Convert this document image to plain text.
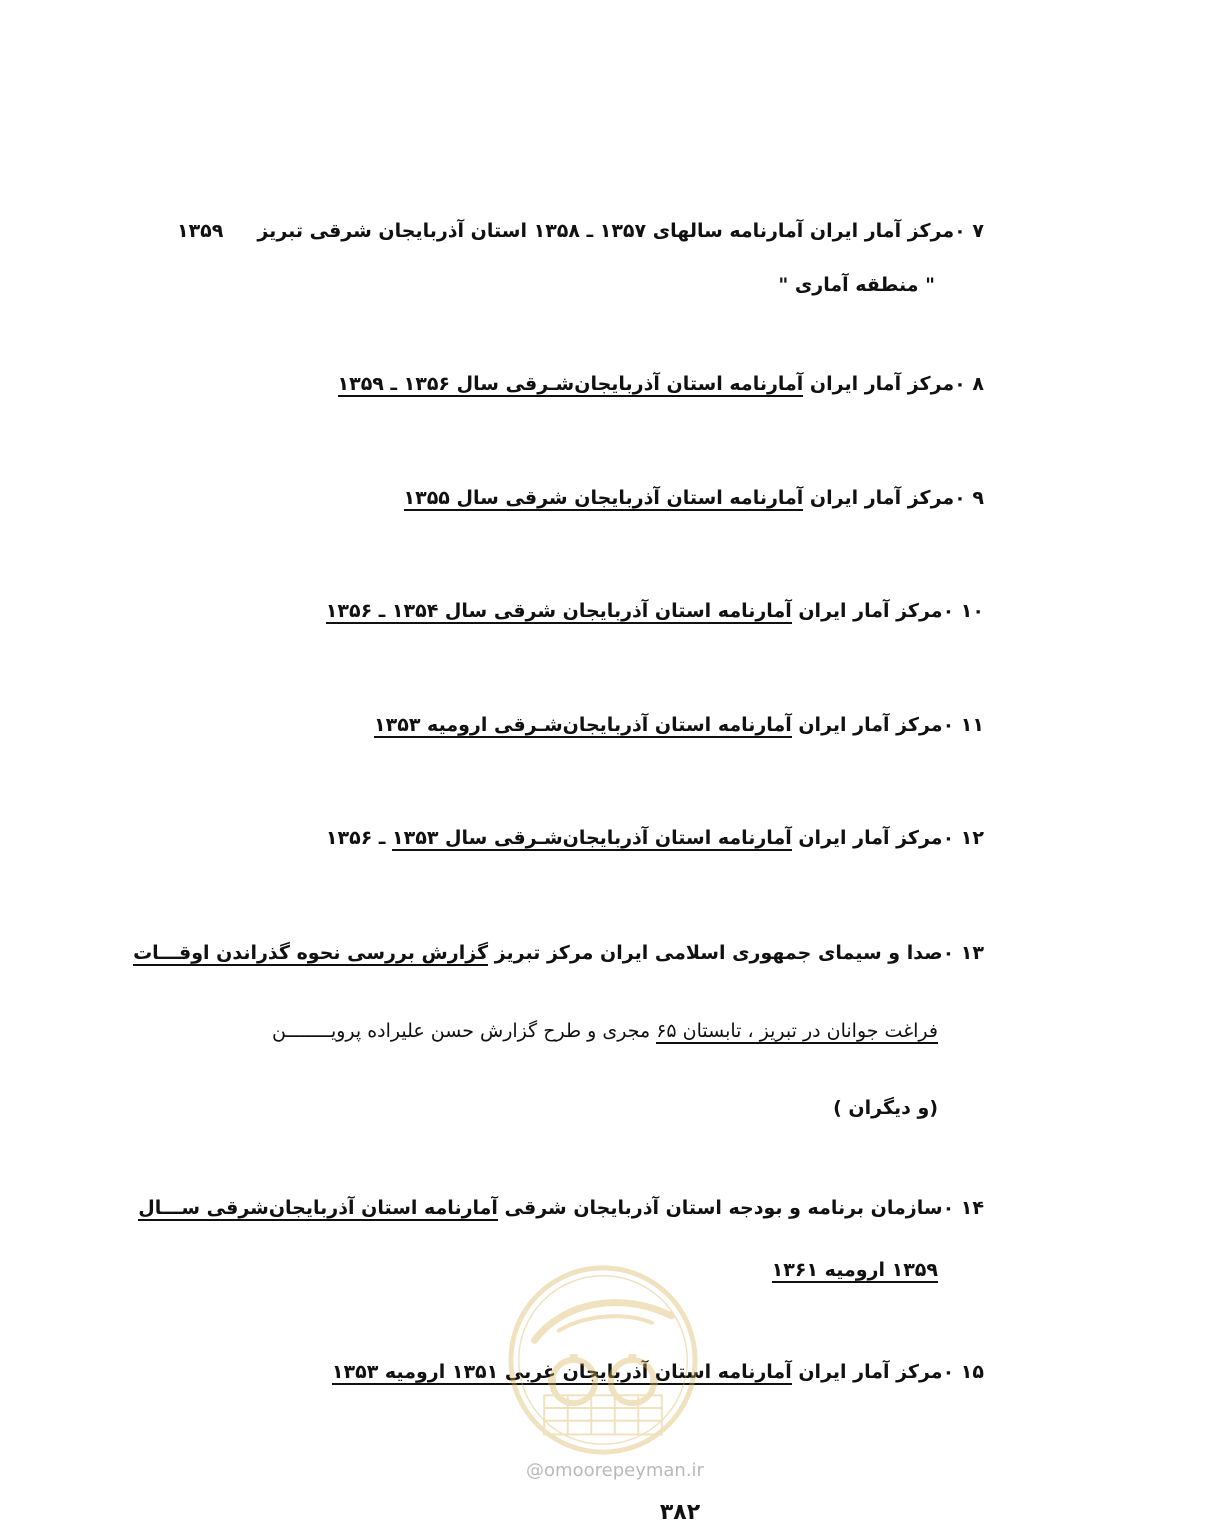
۷ ۰مرکز آمار ایران آمارنامه سالهای ۱۳۵۷ ـ ۱۳۵۸ استان آذربایجان شرقی تبریز۱۳۵۹
" منطقه آماری "
۸ ۰مرکز آمار ایران آمارنامه استان آذربایجان‌شـرقی سال ۱۳۵۶ ـ ۱۳۵۹
۹ ۰مرکز آمار ایران آمارنامه استان آذربایجان شرقی سال ۱۳۵۵
۱۰ ۰مرکز آمار ایران آمارنامه استان آذربایجان شرقی سال ۱۳۵۴ ـ ۱۳۵۶
۱۱ ۰مرکز آمار ایران آمارنامه استان آذربایجان‌شـرقی ارومیه ۱۳۵۳
۱۲ ۰مرکز آمار ایران آمارنامه استان آذربایجان‌شـرقی سال ۱۳۵۳ ـ ۱۳۵۶
۱۳ ۰صدا و سیمای جمهوری اسلامی ایران مرکز تبریز گزارش بررسی نحوه گذراندن اوقـــات
فراغت جوانان در تبریز ، تابستان ۶۵ مجری و طرح گزارش حسن علیراده پرویــــــــن
(و دیگران )
۱۴ ۰سازمان برنامه و بودجه استان آذربایجان شرقی آمارنامه استان آذربایجان‌شرقی ســـال
۱۳۵۹ ارومیه ۱۳۶۱
۱۵ ۰مرکز آمار ایران آمارنامه استان آذربایجان غربی ۱۳۵۱ ارومیه ۱۳۵۳
@omoorepeyman.ir
۳۸۲
